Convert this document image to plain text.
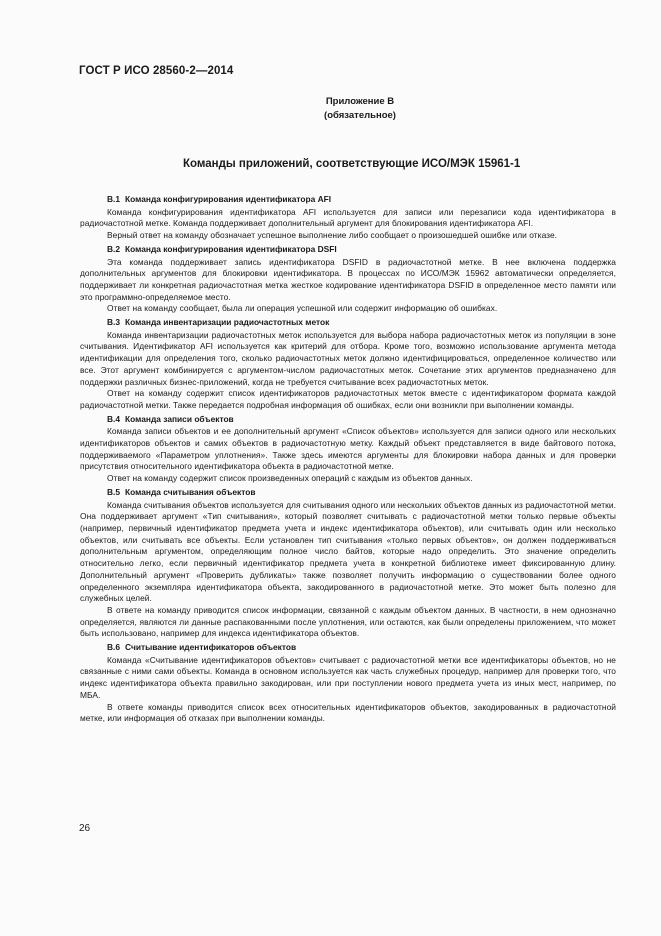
ГОСТ Р ИСО 28560-2—2014
Приложение В
(обязательное)
Команды приложений, соответствующие ИСО/МЭК 15961-1
B.1 Команда конфигурирования идентификатора AFI

Команда конфигурирования идентификатора AFI используется для записи или перезаписи кода идентификатора в радиочастотной метке. Команда поддерживает дополнительный аргумент для блокирования идентификатора AFI.

Верный ответ на команду обозначает успешное выполнение либо сообщает о произошедшей ошибке или отказе.

B.2 Команда конфигурирования идентификатора DSFI

Эта команда поддерживает запись идентификатора DSFID в радиочастотной метке. В нее включена поддержка дополнительных аргументов для блокировки идентификатора. В процессах по ИСО/МЭК 15962 автоматически определяется, поддерживает ли конкретная радиочастотная метка жесткое кодирование идентификатора DSFID в определенное место памяти или это программно-определяемое место.

Ответ на команду сообщает, была ли операция успешной или содержит информацию об ошибках.

B.3 Команда инвентаризации радиочастотных меток

Команда инвентаризации радиочастотных меток используется для выбора набора радиочастотных меток из популяции в зоне считывания. Идентификатор AFI используется как критерий для отбора. Кроме того, возможно использование аргумента метода идентификации для определения того, сколько радиочастотных меток должно идентифицироваться, определенное количество или все. Этот аргумент комбинируется с аргументом-числом радиочастотных меток. Сочетание этих аргументов предназначено для поддержки различных бизнес-приложений, когда не требуется считывание всех радиочастотных меток.

Ответ на команду содержит список идентификаторов радиочастотных меток вместе с идентификатором формата каждой радиочастотной метки. Также передается подробная информация об ошибках, если они возникли при выполнении команды.

B.4 Команда записи объектов

Команда записи объектов и ее дополнительный аргумент «Список объектов» используется для записи одного или нескольких идентификаторов объектов и самих объектов в радиочастотную метку. Каждый объект представляется в виде байтового потока, поддерживаемого «Параметром уплотнения». Также здесь имеются аргументы для блокировки набора данных и для проверки присутствия относительного идентификатора объекта в радиочастотной метке.

Ответ на команду содержит список произведенных операций с каждым из объектов данных.

B.5 Команда считывания объектов

Команда считывания объектов используется для считывания одного или нескольких объектов данных из радиочастотной метки. Она поддерживает аргумент «Тип считывания», который позволяет считывать с радиочастотной метки только первые объекты (например, первичный идентификатор предмета учета и индекс идентификатора объектов), или считывать один или несколько объектов, или считывать все объекты. Если установлен тип считывания «только первых объектов», он должен поддерживаться дополнительным аргументом, определяющим полное число байтов, которые надо определить. Это значение определить относительно легко, если первичный идентификатор предмета учета в конкретной библиотеке имеет фиксированную длину. Дополнительный аргумент «Проверить дубликаты» также позволяет получить информацию о существовании более одного определенного экземпляра идентификатора объекта, закодированного в радиочастотной метке. Это может быть полезно для служебных целей.

В ответе на команду приводится список информации, связанной с каждым объектом данных. В частности, в нем однозначно определяется, являются ли данные распакованными после уплотнения, или остаются, как были определены приложением, что может быть использовано, например для индекса идентификатора объектов.

B.6 Считывание идентификаторов объектов

Команда «Считывание идентификаторов объектов» считывает с радиочастотной метки все идентификаторы объектов, но не связанные с ними сами объекты. Команда в основном используется как часть служебных процедур, например для проверки того, что индекс идентификатора объекта правильно закодирован, или при поступлении нового предмета учета из иных мест, например, по МБА.

В ответе команды приводится список всех относительных идентификаторов объектов, закодированных в радиочастотной метке, или информация об отказах при выполнении команды.

26
